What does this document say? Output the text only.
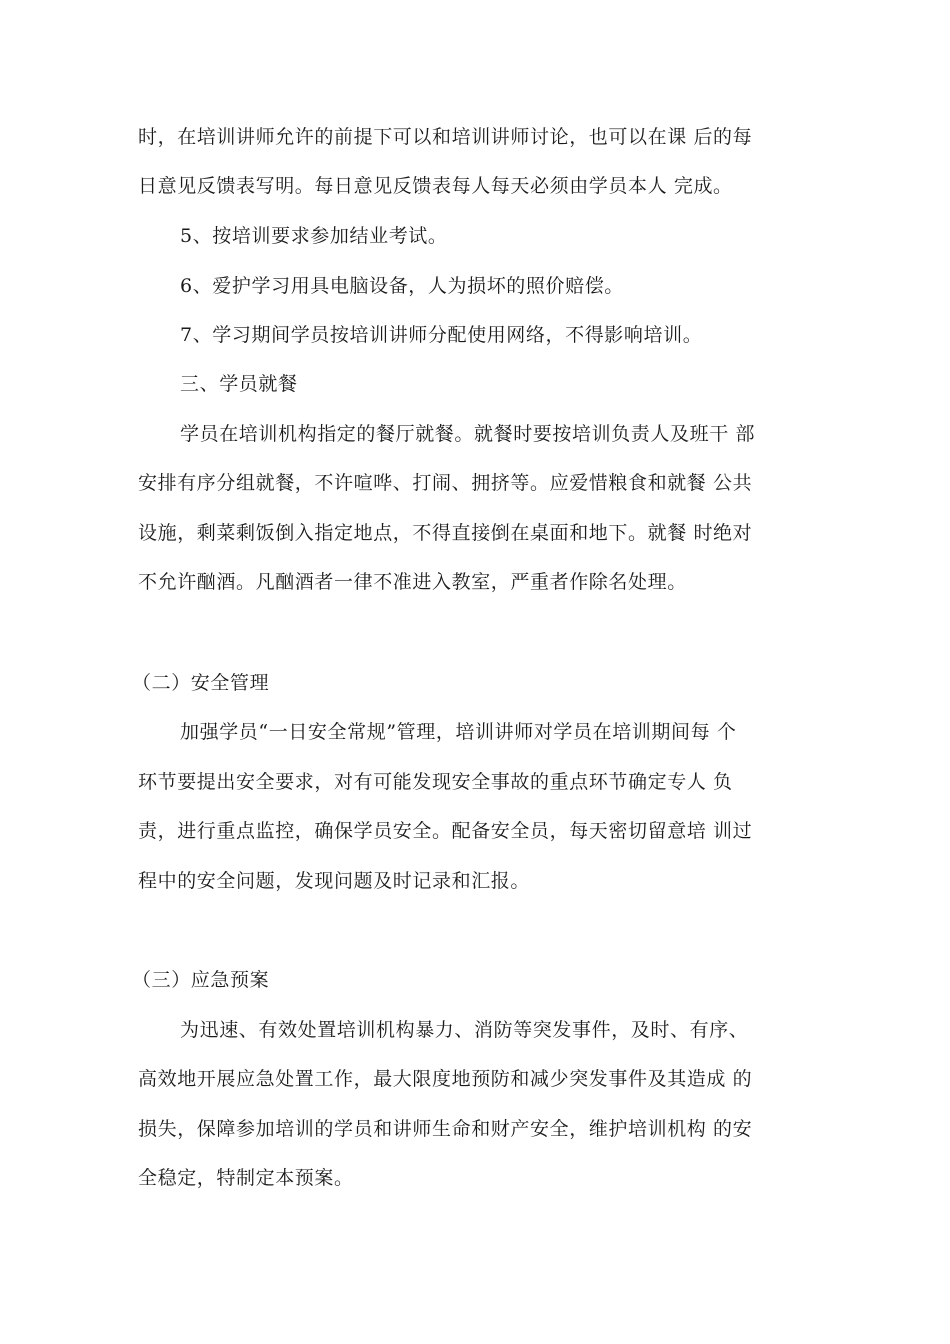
时，在培训讲师允许的前提下可以和培训讲师讨论，也可以在课 后的每
日意见反馈表写明。每日意见反馈表每人每天必须由学员本人 完成。
5、按培训要求参加结业考试。
6、爱护学习用具电脑设备，人为损坏的照价赔偿。
7、学习期间学员按培训讲师分配使用网络，不得影响培训。
三、学员就餐
学员在培训机构指定的餐厅就餐。就餐时要按培训负责人及班干 部
安排有序分组就餐，不许喧哗、打闹、拥挤等。应爱惜粮食和就餐 公共
设施，剩菜剩饭倒入指定地点，不得直接倒在桌面和地下。就餐 时绝对
不允许酗酒。凡酗酒者一律不准进入教室，严重者作除名处理。
（二）安全管理
加强学员“一日安全常规”管理，培训讲师对学员在培训期间每 个
环节要提出安全要求，对有可能发现安全事故的重点环节确定专人 负
责，进行重点监控，确保学员安全。配备安全员，每天密切留意培 训过
程中的安全问题，发现问题及时记录和汇报。
（三）应急预案
为迅速、有效处置培训机构暴力、消防等突发事件，及时、有序、
高效地开展应急处置工作，最大限度地预防和减少突发事件及其造成 的
损失，保障参加培训的学员和讲师生命和财产安全，维护培训机构 的安
全稳定，特制定本预案。
